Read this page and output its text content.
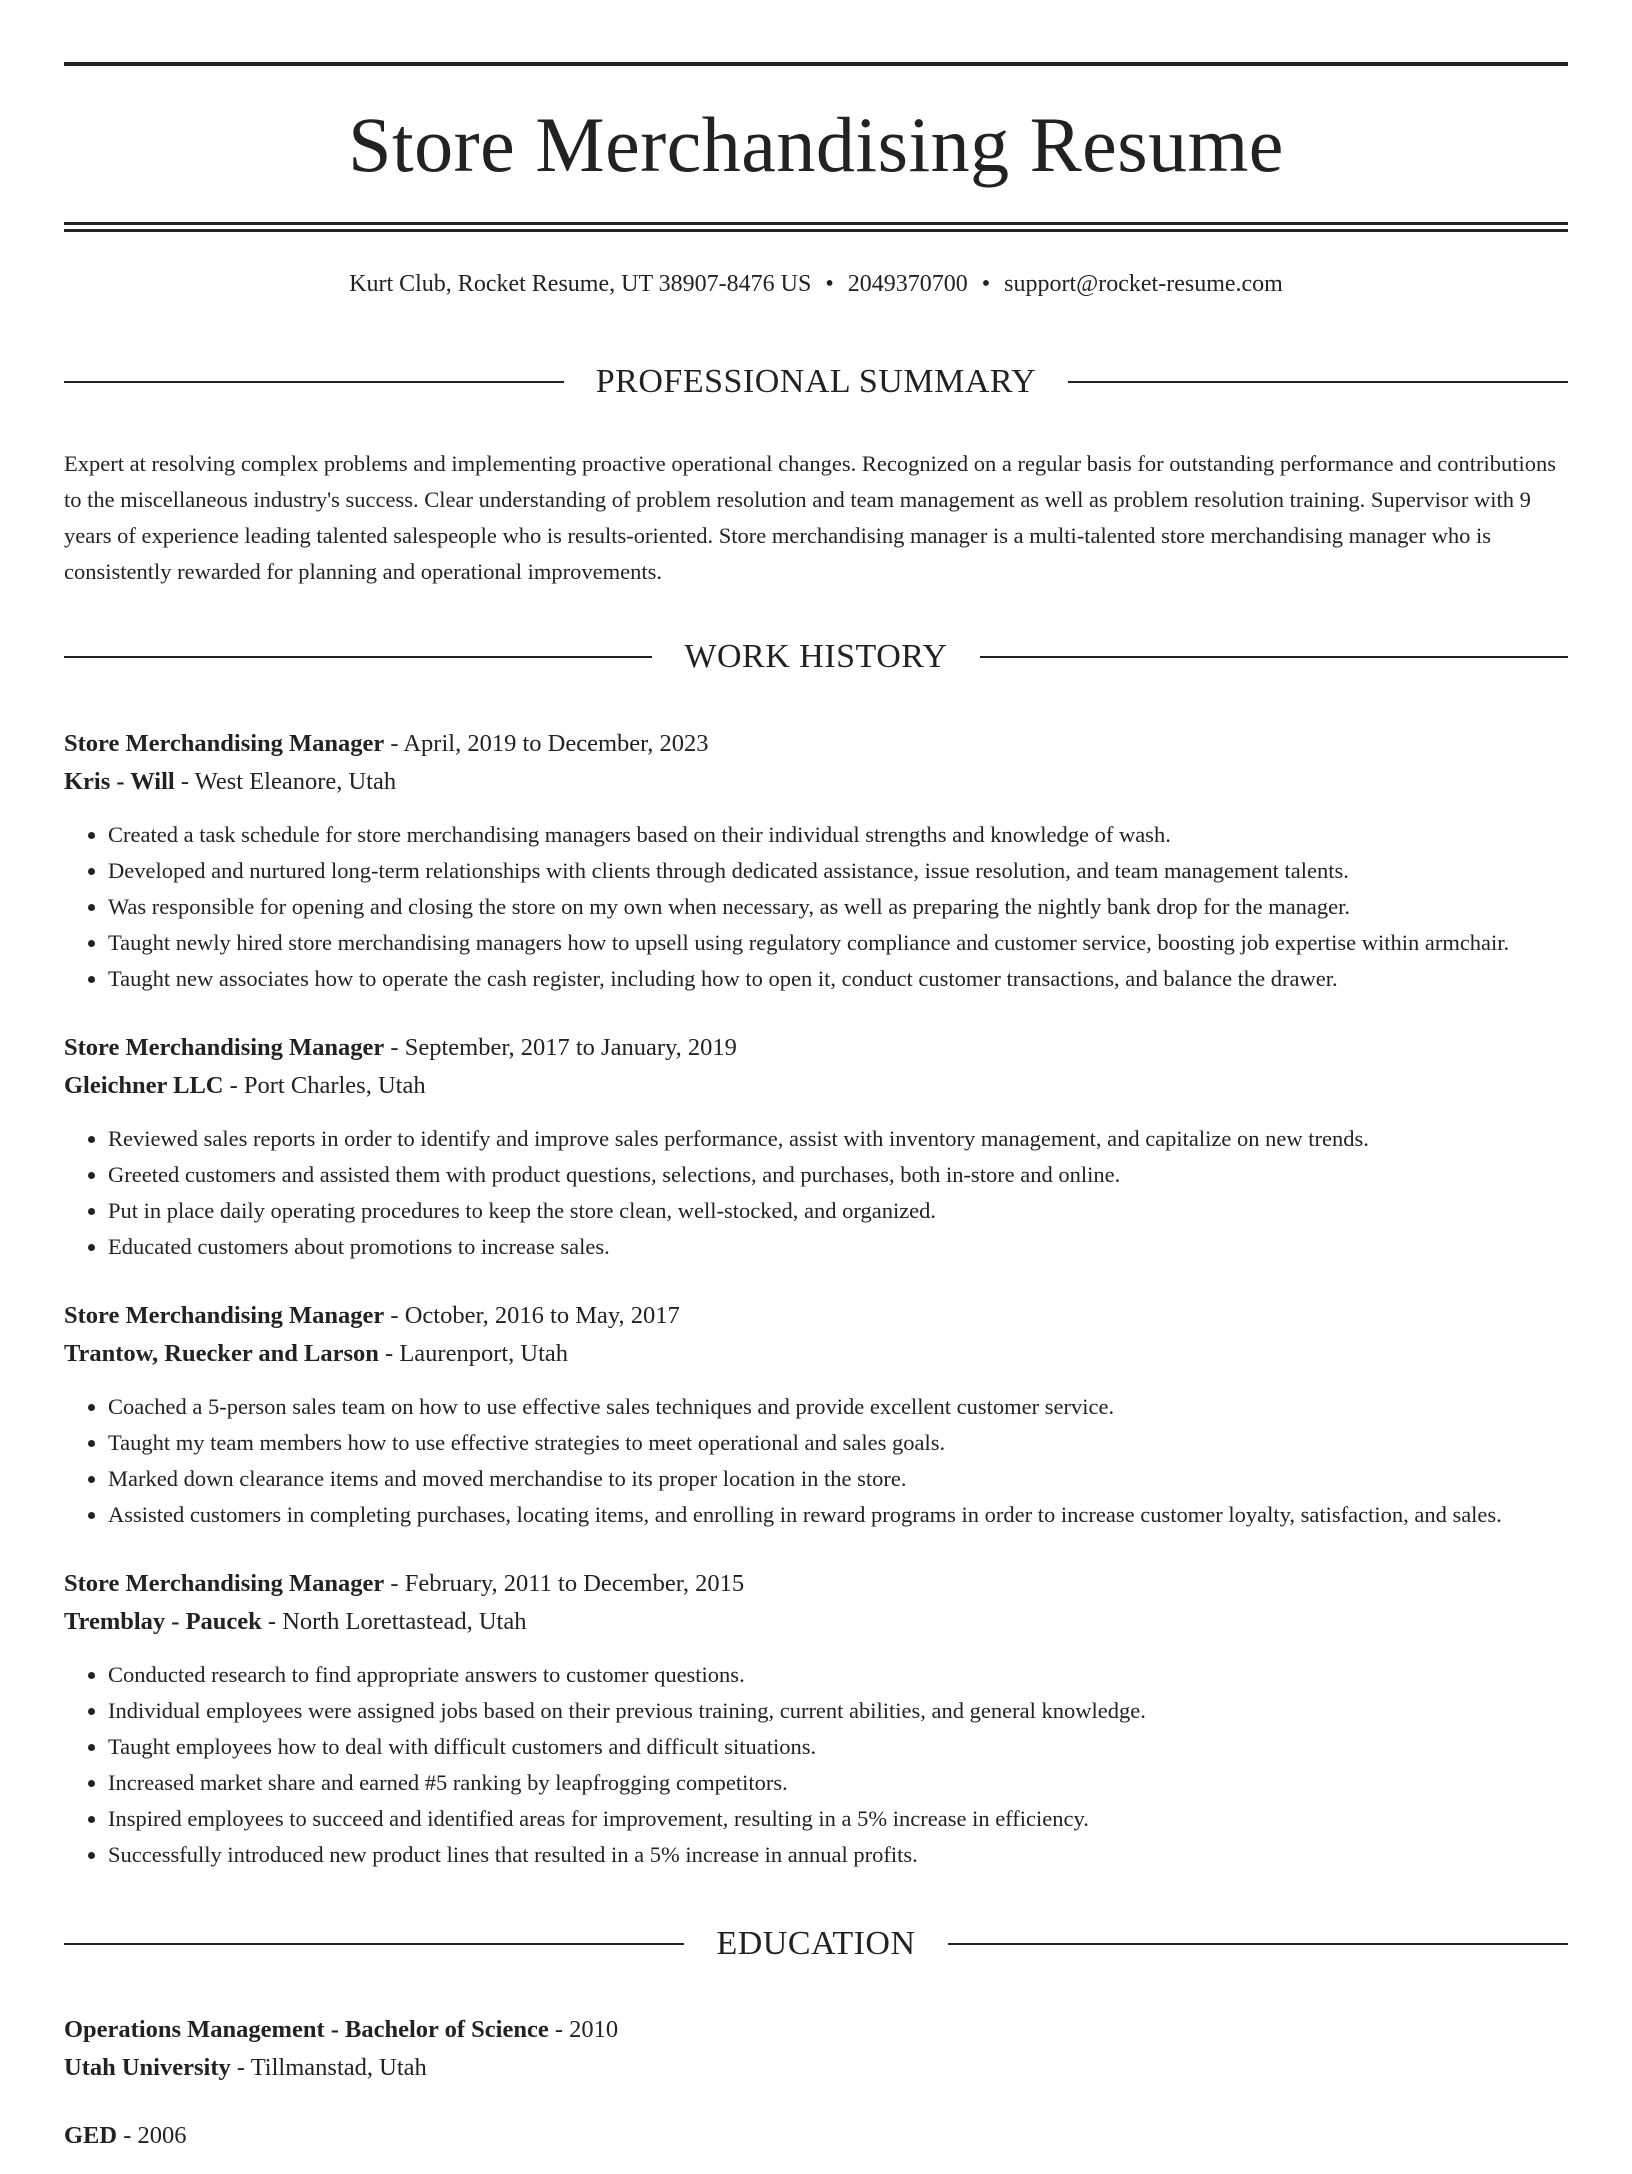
Store Merchandising Resume
Kurt Club, Rocket Resume, UT 38907-8476 US • 2049370700 • support@rocket-resume.com
PROFESSIONAL SUMMARY

Expert at resolving complex problems and implementing proactive operational changes. Recognized on a regular basis for outstanding performance and contributions to the miscellaneous industry's success. Clear understanding of problem resolution and team management as well as problem resolution training. Supervisor with 9 years of experience leading talented salespeople who is results-oriented. Store merchandising manager is a multi-talented store merchandising manager who is consistently rewarded for planning and operational improvements.

WORK HISTORY
Store Merchandising Manager - April, 2019 to December, 2023
Kris - Will - West Eleanore, Utah
• Created a task schedule for store merchandising managers based on their individual strengths and knowledge of wash.
• Developed and nurtured long-term relationships with clients through dedicated assistance, issue resolution, and team management talents.
• Was responsible for opening and closing the store on my own when necessary, as well as preparing the nightly bank drop for the manager.
• Taught newly hired store merchandising managers how to upsell using regulatory compliance and customer service, boosting job expertise within armchair.
• Taught new associates how to operate the cash register, including how to open it, conduct customer transactions, and balance the drawer.
Store Merchandising Manager - September, 2017 to January, 2019
Gleichner LLC - Port Charles, Utah
• Reviewed sales reports in order to identify and improve sales performance, assist with inventory management, and capitalize on new trends.
• Greeted customers and assisted them with product questions, selections, and purchases, both in-store and online.
• Put in place daily operating procedures to keep the store clean, well-stocked, and organized.
• Educated customers about promotions to increase sales.
Store Merchandising Manager - October, 2016 to May, 2017
Trantow, Ruecker and Larson - Laurenport, Utah
• Coached a 5-person sales team on how to use effective sales techniques and provide excellent customer service.
• Taught my team members how to use effective strategies to meet operational and sales goals.
• Marked down clearance items and moved merchandise to its proper location in the store.
• Assisted customers in completing purchases, locating items, and enrolling in reward programs in order to increase customer loyalty, satisfaction, and sales.
Store Merchandising Manager - February, 2011 to December, 2015
Tremblay - Paucek - North Lorettastead, Utah
• Conducted research to find appropriate answers to customer questions.
• Individual employees were assigned jobs based on their previous training, current abilities, and general knowledge.
• Taught employees how to deal with difficult customers and difficult situations.
• Increased market share and earned #5 ranking by leapfrogging competitors.
• Inspired employees to succeed and identified areas for improvement, resulting in a 5% increase in efficiency.
• Successfully introduced new product lines that resulted in a 5% increase in annual profits.
EDUCATION
Operations Management - Bachelor of Science - 2010
Utah University - Tillmanstad, Utah
GED - 2006
